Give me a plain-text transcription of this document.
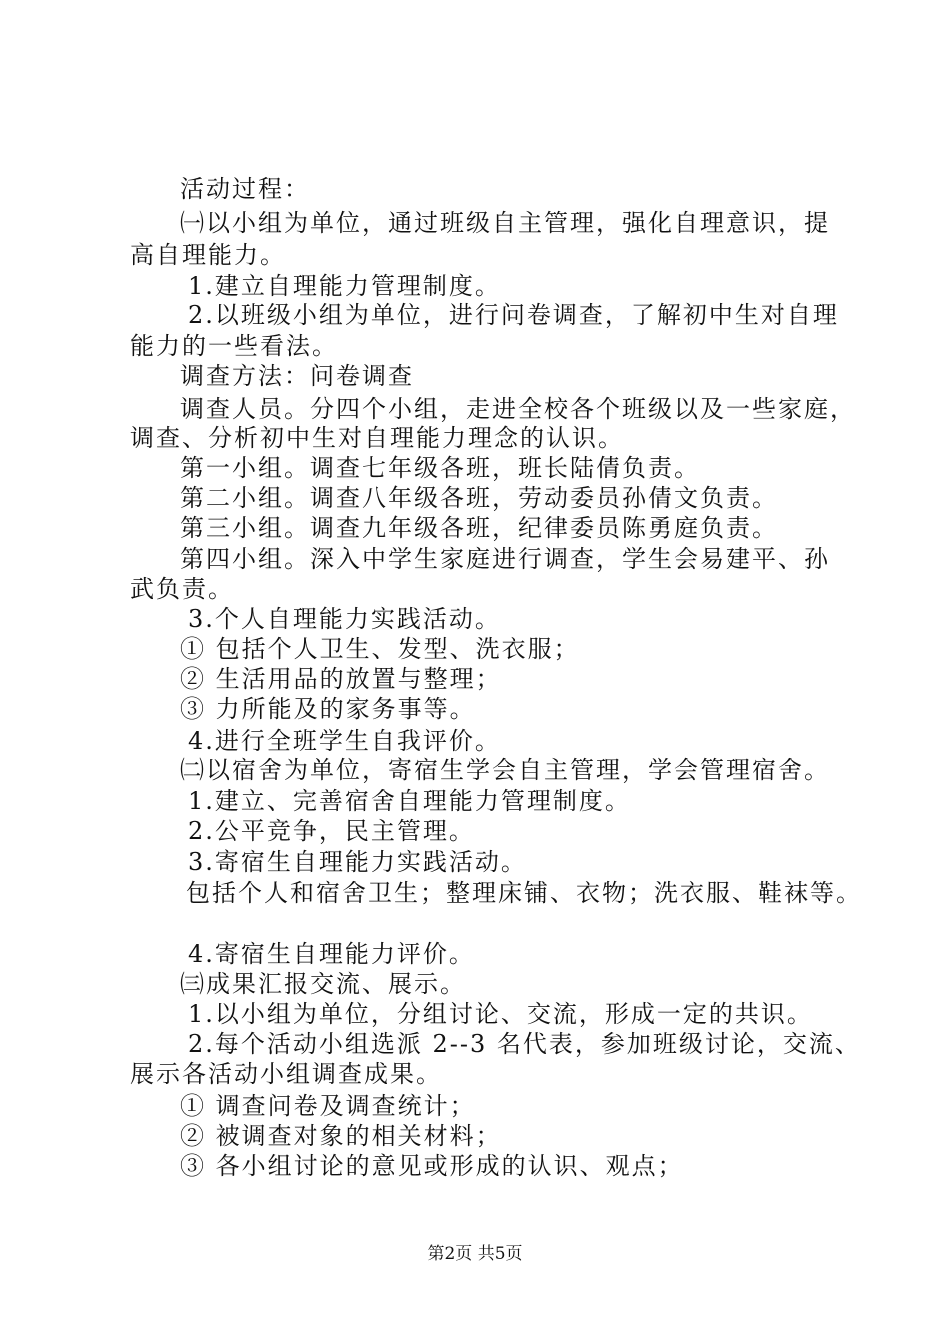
活动过程：
㈠以小组为单位，通过班级自主管理，强化自理意识，提
高自理能力。
1.建立自理能力管理制度。
2.以班级小组为单位，进行问卷调查，了解初中生对自理
能力的一些看法。
调查方法：问卷调查
调查人员。分四个小组，走进全校各个班级以及一些家庭，
调查、分析初中生对自理能力理念的认识。
第一小组。调查七年级各班，班长陆倩负责。
第二小组。调查八年级各班，劳动委员孙倩文负责。
第三小组。调查九年级各班，纪律委员陈勇庭负责。
第四小组。深入中学生家庭进行调查，学生会易建平、孙
武负责。
3.个人自理能力实践活动。
① 包括个人卫生、发型、洗衣服；
② 生活用品的放置与整理；
③ 力所能及的家务事等。
4.进行全班学生自我评价。
㈡以宿舍为单位，寄宿生学会自主管理，学会管理宿舍。
1.建立、完善宿舍自理能力管理制度。
2.公平竞争，民主管理。
3.寄宿生自理能力实践活动。
包括个人和宿舍卫生；整理床铺、衣物；洗衣服、鞋袜等。
4.寄宿生自理能力评价。
㈢成果汇报交流、展示。
1.以小组为单位，分组讨论、交流，形成一定的共识。
2.每个活动小组选派 2--3 名代表，参加班级讨论，交流、
展示各活动小组调查成果。
① 调查问卷及调查统计；
② 被调查对象的相关材料；
③ 各小组讨论的意见或形成的认识、观点；
第2页 共5页
